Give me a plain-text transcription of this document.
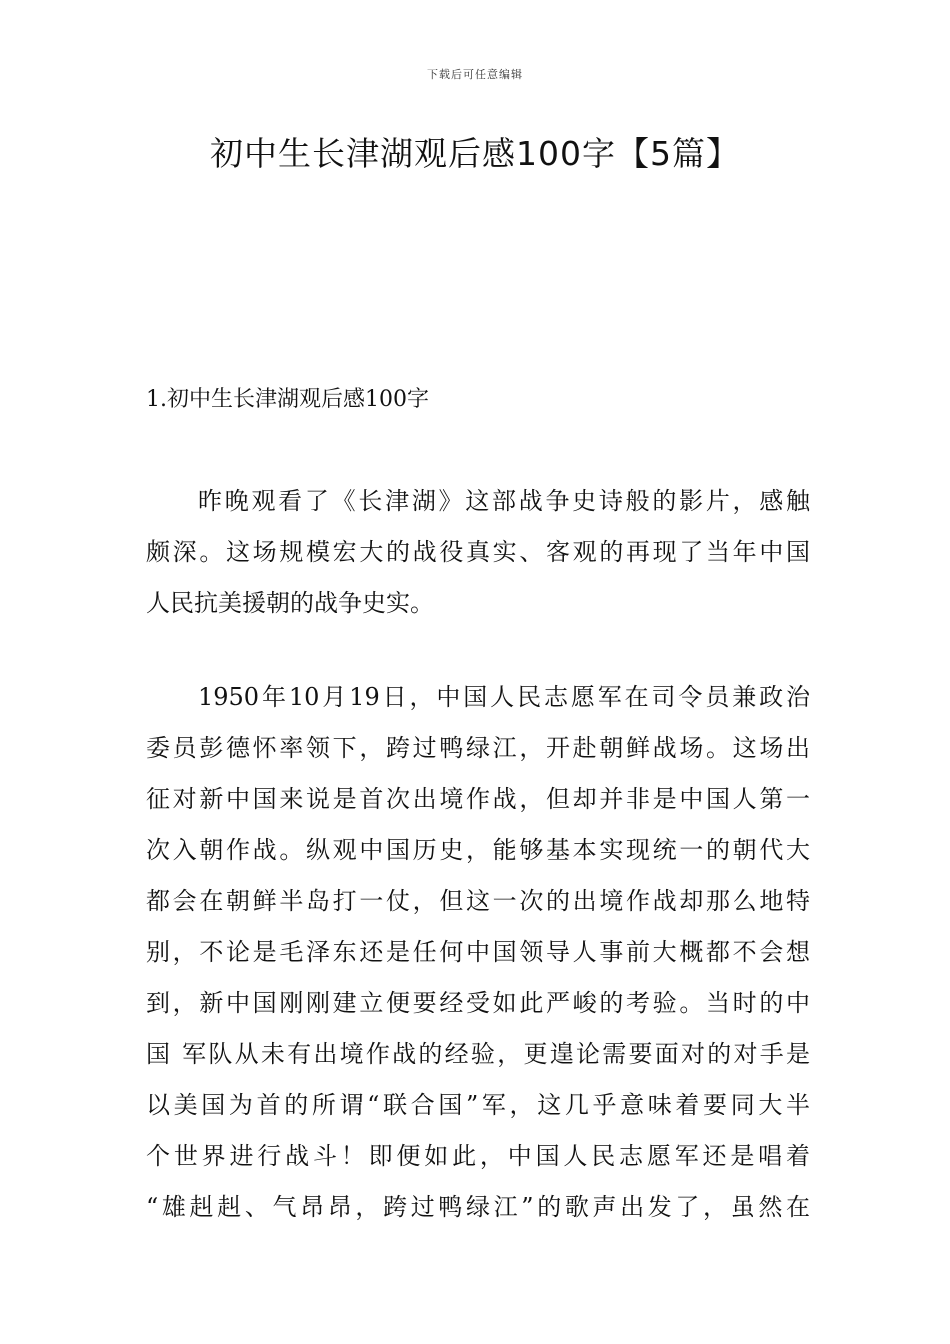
下载后可任意编辑
初中生长津湖观后感100字【5篇】
1.初中生长津湖观后感100字
昨晚观看了《长津湖》这部战争史诗般的影片，感触
颇深。这场规模宏大的战役真实、客观的再现了当年中国
人民抗美援朝的战争史实。
1950年10月19日，中国人民志愿军在司令员兼政治
委员彭德怀率领下，跨过鸭绿江，开赴朝鲜战场。这场出
征对新中国来说是首次出境作战，但却并非是中国人第一
次入朝作战。纵观中国历史，能够基本实现统一的朝代大
都会在朝鲜半岛打一仗，但这一次的出境作战却那么地特
别，不论是毛泽东还是任何中国领导人事前大概都不会想
到，新中国刚刚建立便要经受如此严峻的考验。当时的中
国 军队从未有出境作战的经验，更遑论需要面对的对手是
以美国为首的所谓“联合国”军，这几乎意味着要同大半
个世界进行战斗！即便如此，中国人民志愿军还是唱着
“雄赳赳、气昂昂，跨过鸭绿江”的歌声出发了，虽然在
